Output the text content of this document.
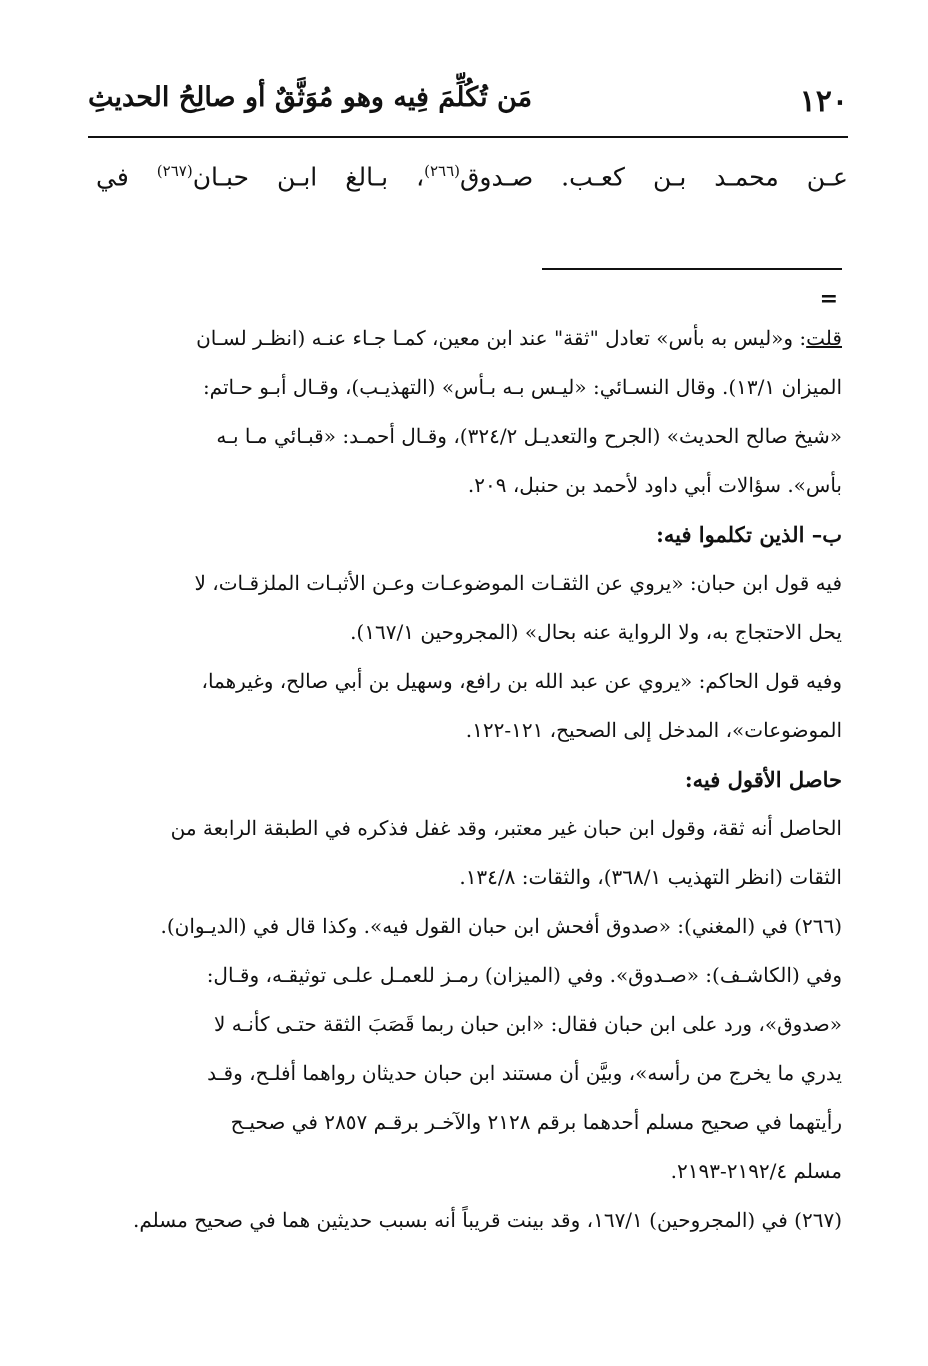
١٢٠
مَن تُكُلِّمَ فِيه وهو مُوَثَّقٌ أو صالِحُ الحديثِ
عـن محمـد بـن كعـب. صـدوق$^{(٢٦٦)}$، بـالغ ابـن حبـان$^{(٢٦٧)}$ في
=

قلت: و«ليس به بأس» تعادل "ثقة" عند ابن معين، كمـا جـاء عنـه (انظـر لسـان

الميزان ١٣/١). وقال النسـائي: «ليـس بـه بـأس» (التهذيـب)، وقـال أبـو حـاتم:

«شيخ صالح الحديث» (الجرح والتعديـل ٣٢٤/٢)، وقـال أحمـد: «قبـائي مـا بـه

بأس». سؤالات أبي داود لأحمد بن حنبل، ٢٠٩.

ب– الذين تكلموا فيه:

فيه قول ابن حبان: «يروي عن الثقـات الموضوعـات وعـن الأثبـات الملزقـات، لا

يحل الاحتجاج به، ولا الرواية عنه بحال» (المجروحين ١٦٧/١).

وفيه قول الحاكم: «يروي عن عبد الله بن رافع، وسهيل بن أبي صالح، وغيرهما،

الموضوعات»، المدخل إلى الصحيح، ١٢١-١٢٢.

حاصل الأقول فيه:

الحاصل أنه ثقة، وقول ابن حبان غير معتبر، وقد غفل فذكره في الطبقة الرابعة من

الثقات (انظر التهذيب ٣٦٨/١)، والثقات: ١٣٤/٨.

(٢٦٦) في (المغني): «صدوق أفحش ابن حبان القول فيه». وكذا قال في (الديـوان).

وفي (الكاشـف): «صـدوق». وفي (الميزان) رمـز للعمـل علـى توثيقـه، وقـال:

«صدوق»، ورد على ابن حبان فقال: «ابن حبان ربما قَصَبَ الثقة حتـى كأنـه لا

يدري ما يخرج من رأسه»، وبيَّن أن مستند ابن حبان حديثان رواهما أفلـح، وقـد

رأيتهما في صحيح مسلم أحدهما برقم ٢١٢٨ والآخـر برقـم ٢٨٥٧ في صحيـح

مسلم ٢١٩٢/٤-٢١٩٣.

(٢٦٧) في (المجروحين) ١٦٧/١، وقد بينت قريباً أنه بسبب حديثين هما في صحيح مسلم.
